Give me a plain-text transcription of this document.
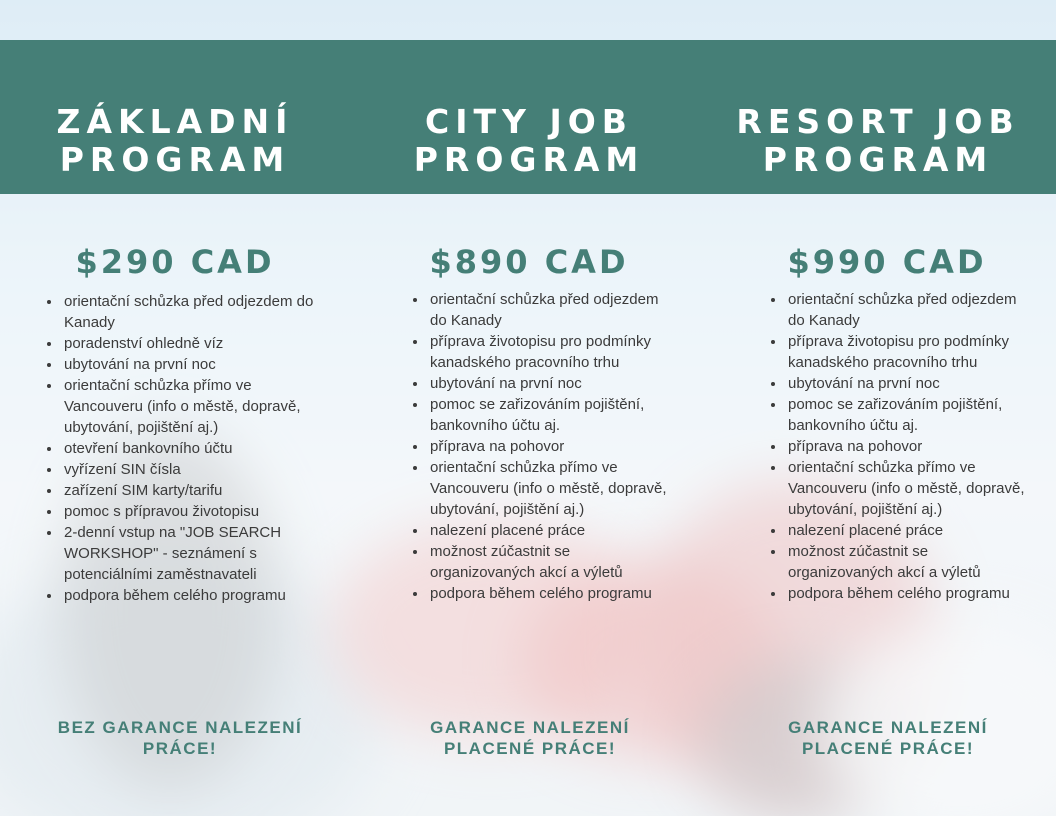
ZÁKLADNÍ
PROGRAM
$290 CAD
• orientační schůzka před odjezdem do Kanady
• poradenství ohledně víz
• ubytování na první noc
• orientační schůzka přímo ve Vancouveru (info o městě, dopravě, ubytování, pojištění aj.)
• otevření bankovního účtu
• vyřízení SIN čísla
• zařízení SIM karty/tarifu
• pomoc s přípravou životopisu
• 2-denní vstup na "JOB SEARCH WORKSHOP" - seznámení s potenciálními zaměstnavateli
• podpora během celého programu
BEZ GARANCE NALEZENÍ
PRÁCE!
CITY JOB
PROGRAM
$890 CAD
• orientační schůzka před odjezdem do Kanady
• příprava životopisu pro podmínky kanadského pracovního trhu
• ubytování na první noc
• pomoc se zařizováním pojištění, bankovního účtu aj.
• příprava na pohovor
• orientační schůzka přímo ve Vancouveru (info o městě, dopravě, ubytování, pojištění aj.)
• nalezení placené práce
• možnost zúčastnit se organizovaných akcí a výletů
• podpora během celého programu
GARANCE NALEZENÍ
PLACENÉ PRÁCE!
RESORT JOB
PROGRAM
$990 CAD
• orientační schůzka před odjezdem do Kanady
• příprava životopisu pro podmínky kanadského pracovního trhu
• ubytování na první noc
• pomoc se zařizováním pojištění, bankovního účtu aj.
• příprava na pohovor
• orientační schůzka přímo ve Vancouveru (info o městě, dopravě, ubytování, pojištění aj.)
• nalezení placené práce
• možnost zúčastnit se organizovaných akcí a výletů
• podpora během celého programu
GARANCE NALEZENÍ
PLACENÉ PRÁCE!
